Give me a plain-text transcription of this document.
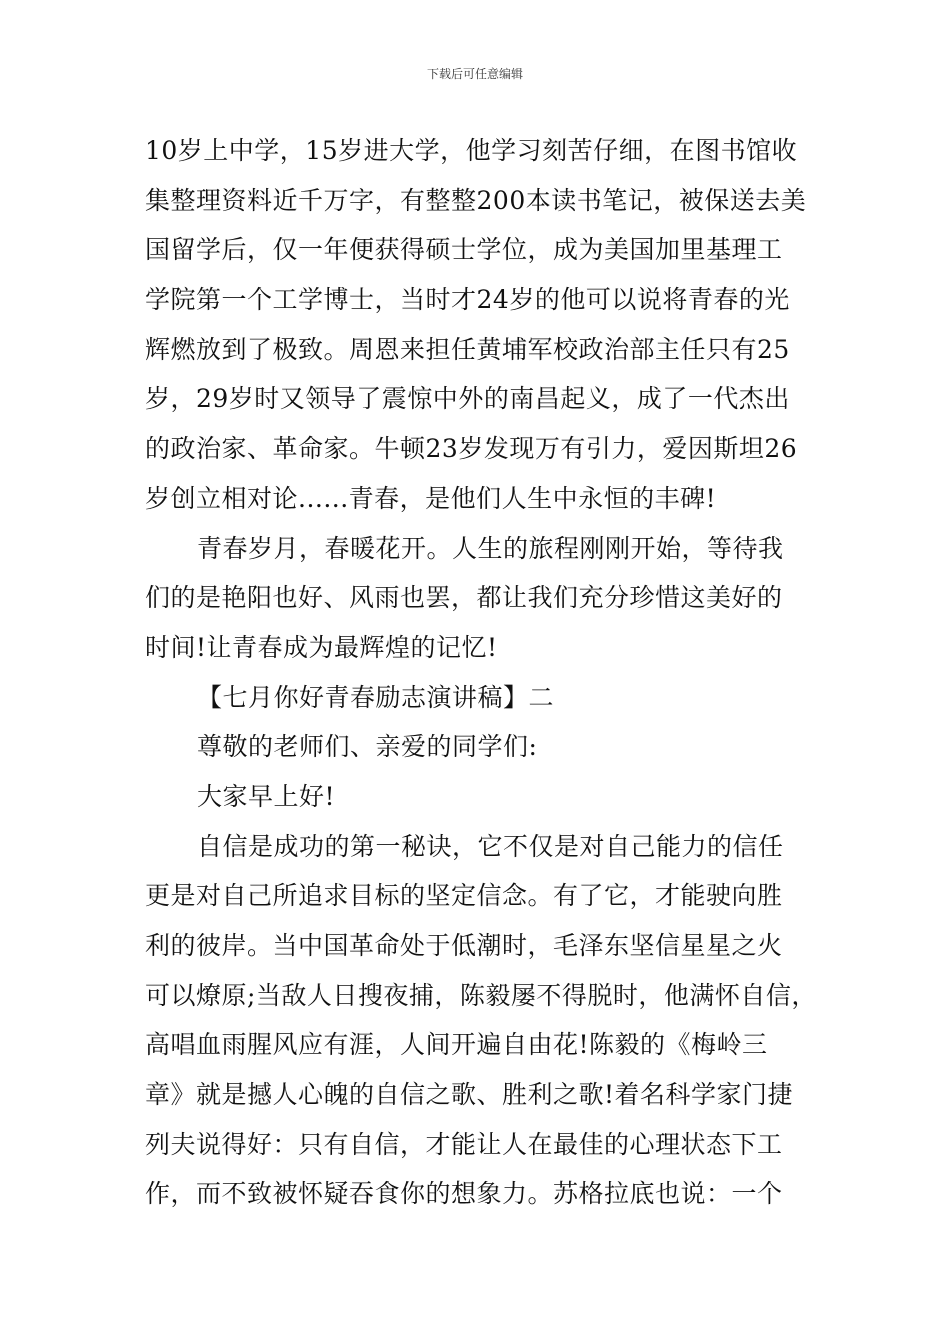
下载后可任意编辑
10岁上中学，15岁进大学，他学习刻苦仔细，在图书馆收
集整理资料近千万字，有整整200本读书笔记，被保送去美
国留学后，仅一年便获得硕士学位，成为美国加里基理工
学院第一个工学博士，当时才24岁的他可以说将青春的光
辉燃放到了极致。周恩来担任黄埔军校政治部主任只有25
岁，29岁时又领导了震惊中外的南昌起义，成了一代杰出
的政治家、革命家。牛顿23岁发现万有引力，爱因斯坦26
岁创立相对论......青春，是他们人生中永恒的丰碑!
青春岁月，春暖花开。人生的旅程刚刚开始，等待我
们的是艳阳也好、风雨也罢，都让我们充分珍惜这美好的
时间!让青春成为最辉煌的记忆!
【七月你好青春励志演讲稿】二
尊敬的老师们、亲爱的同学们:
大家早上好!
自信是成功的第一秘诀，它不仅是对自己能力的信任
更是对自己所追求目标的坚定信念。有了它，才能驶向胜
利的彼岸。当中国革命处于低潮时，毛泽东坚信星星之火
可以燎原;当敌人日搜夜捕，陈毅屡不得脱时，他满怀自信，
高唱血雨腥风应有涯，人间开遍自由花!陈毅的《梅岭三
章》就是撼人心魄的自信之歌、胜利之歌!着名科学家门捷
列夫说得好：只有自信，才能让人在最佳的心理状态下工
作，而不致被怀疑吞食你的想象力。苏格拉底也说：一个
